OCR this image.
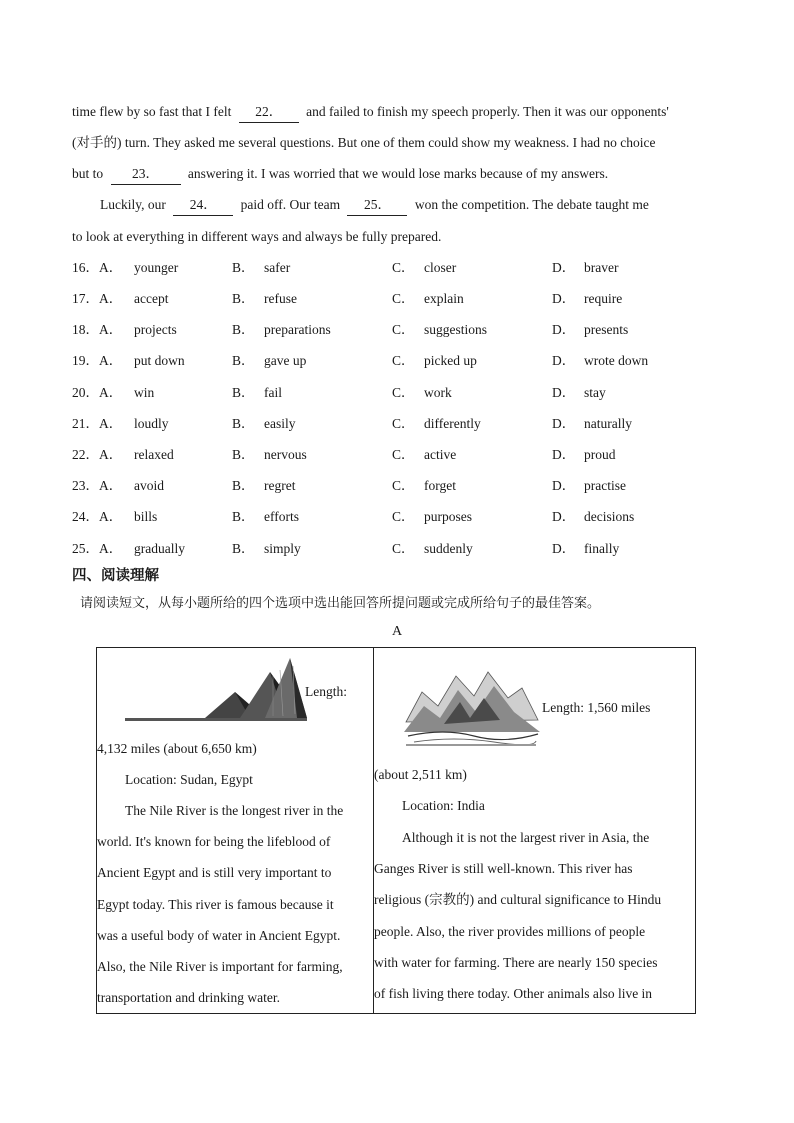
time flew by so fast that I felt 22． and failed to finish my speech properly. Then it was our opponents'
(对手的) turn. They asked me several questions. But one of them could show my weakness. I had no choice
but to 23． answering it. I was worried that we would lose marks because of my answers.
Luckily, our 24． paid off. Our team 25． won the competition. The debate taught me
to look at everything in different ways and always be fully prepared.
16．A． younger	B． safer	C． closer	D． braver
17．A． accept	B． refuse	C． explain	D． require
18．A． projects	B． preparations	C． suggestions	D． presents
19．A． put down	B． gave up	C． picked up	D． wrote down
20．A． win	B． fail	C． work	D． stay
21．A． loudly	B． easily	C． differently	D． naturally
22．A． relaxed	B． nervous	C． active	D． proud
23．A． avoid	B． regret	C． forget	D． practise
24．A． bills	B． efforts	C． purposes	D． decisions
25．A． gradually	B． simply	C． suddenly	D． finally
四、阅读理解
请阅读短文，从每小题所给的四个选项中选出能回答所提问题或完成所给句子的最佳答案。
A
Length:
4,132 miles (about 6,650 km)
Location: Sudan, Egypt
The Nile River is the longest river in the
world. It's known for being the lifeblood of
Ancient Egypt and is still very important to
Egypt today. This river is famous because it
was a useful body of water in Ancient Egypt.
Also, the Nile River is important for farming,
transportation and drinking water.
Length: 1,560 miles
(about 2,511 km)
Location: India
Although it is not the largest river in Asia, the
Ganges River is still well-known. This river has
religious (宗教的) and cultural significance to Hindu
people. Also, the river provides millions of people
with water for farming. There are nearly 150 species
of fish living there today. Other animals also live in
